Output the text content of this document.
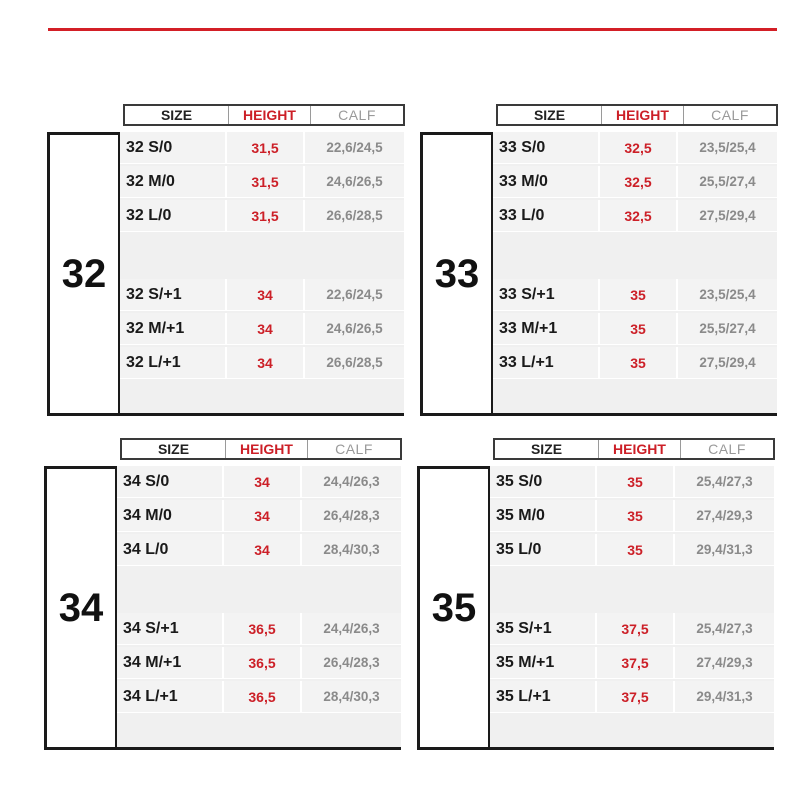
SIZE	HEIGHT	CALF
32
32 S/0	31,5	22,6/24,5
32 M/0	31,5	24,6/26,5
32 L/0	31,5	26,6/28,5
32 S/+1	34	22,6/24,5
32 M/+1	34	24,6/26,5
32 L/+1	34	26,6/28,5
SIZE	HEIGHT	CALF
33
33 S/0	32,5	23,5/25,4
33 M/0	32,5	25,5/27,4
33 L/0	32,5	27,5/29,4
33 S/+1	35	23,5/25,4
33 M/+1	35	25,5/27,4
33 L/+1	35	27,5/29,4
SIZE	HEIGHT	CALF
34
34 S/0	34	24,4/26,3
34 M/0	34	26,4/28,3
34 L/0	34	28,4/30,3
34 S/+1	36,5	24,4/26,3
34 M/+1	36,5	26,4/28,3
34 L/+1	36,5	28,4/30,3
SIZE	HEIGHT	CALF
35
35 S/0	35	25,4/27,3
35 M/0	35	27,4/29,3
35 L/0	35	29,4/31,3
35 S/+1	37,5	25,4/27,3
35 M/+1	37,5	27,4/29,3
35 L/+1	37,5	29,4/31,3
